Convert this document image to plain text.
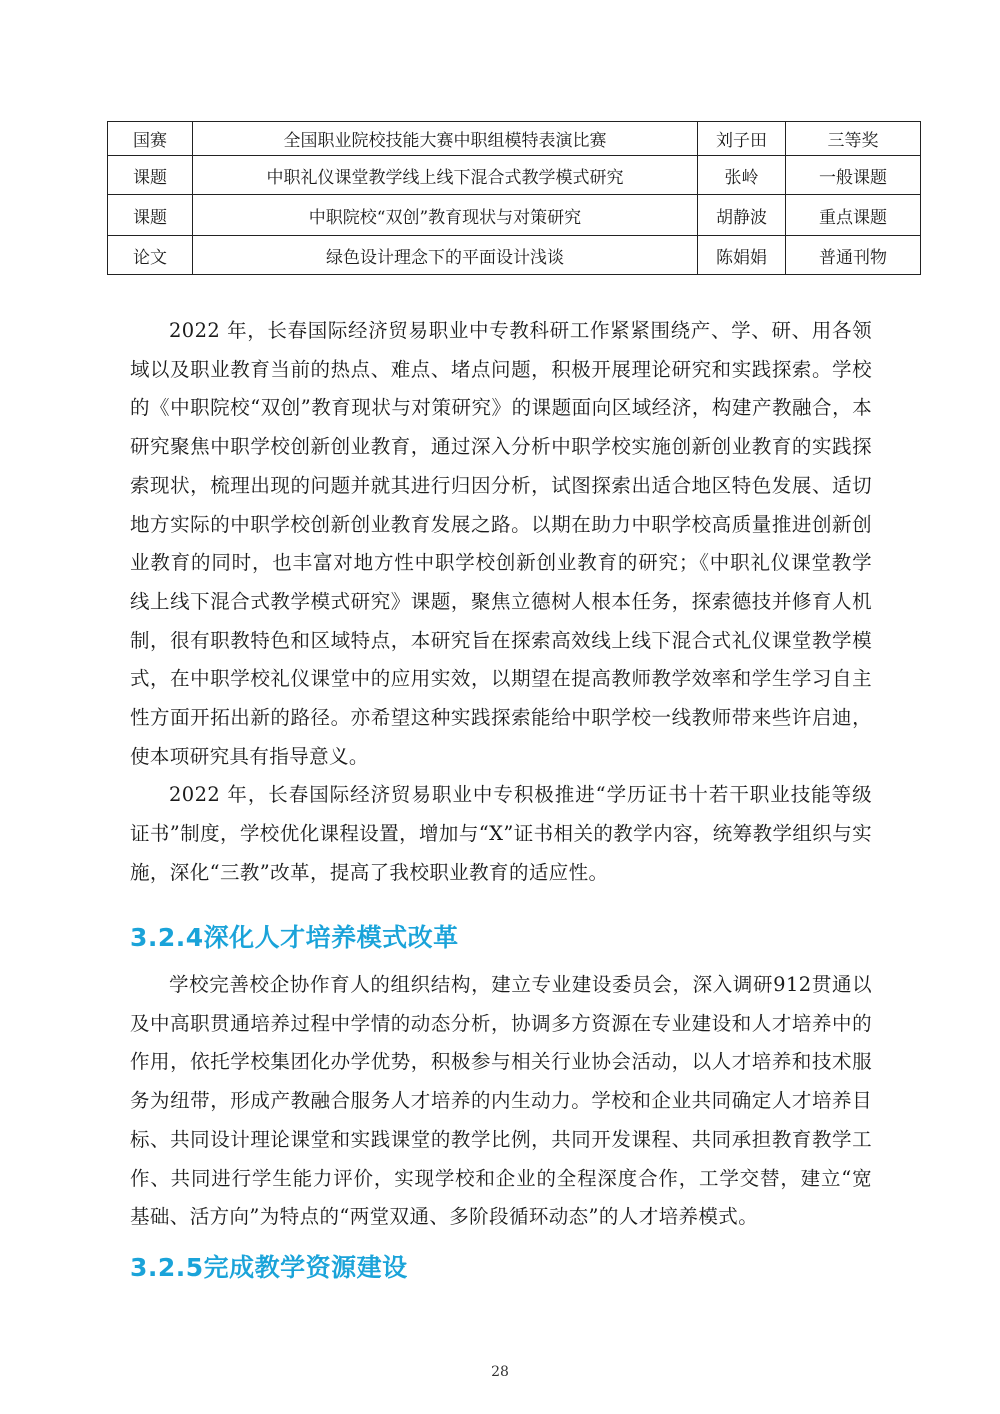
国赛	全国职业院校技能大赛中职组模特表演比赛	刘子田	三等奖
课题	中职礼仪课堂教学线上线下混合式教学模式研究	张岭	一般课题
课题	中职院校“双创”教育现状与对策研究	胡静波	重点课题
论文	绿色设计理念下的平面设计浅谈	陈娟娟	普通刊物

2022 年，长春国际经济贸易职业中专教科研工作紧紧围绕产、学、研、用各领域以及职业教育当前的热点、难点、堵点问题，积极开展理论研究和实践探索。学校的《中职院校“双创”教育现状与对策研究》的课题面向区域经济，构建产教融合，本研究聚焦中职学校创新创业教育，通过深入分析中职学校实施创新创业教育的实践探索现状，梳理出现的问题并就其进行归因分析，试图探索出适合地区特色发展、适切地方实际的中职学校创新创业教育发展之路。以期在助力中职学校高质量推进创新创业教育的同时，也丰富对地方性中职学校创新创业教育的研究；《中职礼仪课堂教学线上线下混合式教学模式研究》课题，聚焦立德树人根本任务，探索德技并修育人机制，很有职教特色和区域特点，本研究旨在探索高效线上线下混合式礼仪课堂教学模式，在中职学校礼仪课堂中的应用实效，以期望在提高教师教学效率和学生学习自主性方面开拓出新的路径。亦希望这种实践探索能给中职学校一线教师带来些许启迪，使本项研究具有指导意义。

2022 年，长春国际经济贸易职业中专积极推进“学历证书十若干职业技能等级证书”制度，学校优化课程设置，增加与“X”证书相关的教学内容，统筹教学组织与实施，深化“三教”改革，提高了我校职业教育的适应性。

3.2.4深化人才培养模式改革

学校完善校企协作育人的组织结构，建立专业建设委员会，深入调研912贯通以及中高职贯通培养过程中学情的动态分析，协调多方资源在专业建设和人才培养中的作用，依托学校集团化办学优势，积极参与相关行业协会活动，以人才培养和技术服务为纽带，形成产教融合服务人才培养的内生动力。学校和企业共同确定人才培养目标、共同设计理论课堂和实践课堂的教学比例，共同开发课程、共同承担教育教学工作、共同进行学生能力评价，实现学校和企业的全程深度合作，工学交替，建立“宽基础、活方向”为特点的“两堂双通、多阶段循环动态”的人才培养模式。

3.2.5完成教学资源建设
28
